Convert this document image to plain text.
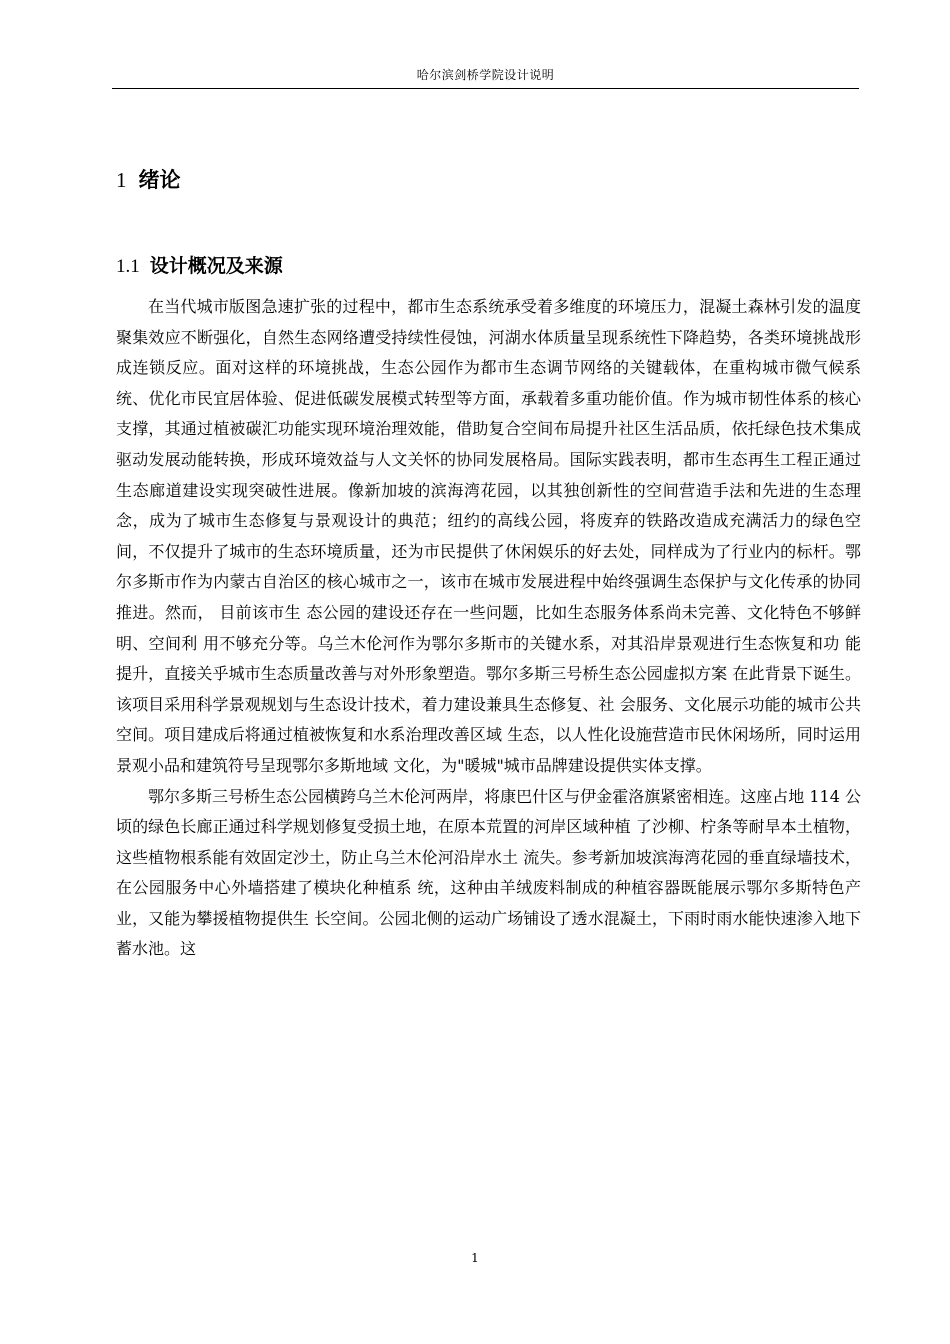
哈尔滨剑桥学院设计说明
1 绪论
1.1 设计概况及来源

在当代城市版图急速扩张的过程中，都市生态系统承受着多维度的环境压力，混凝土森林引发的温度聚集效应不断强化，自然生态网络遭受持续性侵蚀，河湖水体质量呈现系统性下降趋势，各类环境挑战形成连锁反应。面对这样的环境挑战，生态公园作为都市生态调节网络的关键载体，在重构城市微气候系统、优化市民宜居体验、促进低碳发展模式转型等方面，承载着多重功能价值。作为城市韧性体系的核心支撑，其通过植被碳汇功能实现环境治理效能，借助复合空间布局提升社区生活品质，依托绿色技术集成驱动发展动能转换，形成环境效益与人文关怀的协同发展格局。国际实践表明，都市生态再生工程正通过生态廊道建设实现突破性进展。像新加坡的滨海湾花园，以其独创新性的空间营造手法和先进的生态理念，成为了城市生态修复与景观设计的典范；纽约的高线公园，将废弃的铁路改造成充满活力的绿色空间，不仅提升了城市的生态环境质量，还为市民提供了休闲娱乐的好去处，同样成为了行业内的标杆。鄂尔多斯市作为内蒙古自治区的核心城市之一，该市在城市发展进程中始终强调生态保护与文化传承的协同推进。然而， 目前该市生 态公园的建设还存在一些问题，比如生态服务体系尚未完善、文化特色不够鲜明、空间利 用不够充分等。乌兰木伦河作为鄂尔多斯市的关键水系，对其沿岸景观进行生态恢复和功 能提升，直接关乎城市生态质量改善与对外形象塑造。鄂尔多斯三号桥生态公园虚拟方案 在此背景下诞生。该项目采用科学景观规划与生态设计技术，着力建设兼具生态修复、社 会服务、文化展示功能的城市公共空间。项目建成后将通过植被恢复和水系治理改善区域 生态，以人性化设施营造市民休闲场所，同时运用景观小品和建筑符号呈现鄂尔多斯地域 文化，为"暖城"城市品牌建设提供实体支撑。

鄂尔多斯三号桥生态公园横跨乌兰木伦河两岸，将康巴什区与伊金霍洛旗紧密相连。这座占地 114 公顷的绿色长廊正通过科学规划修复受损土地，在原本荒置的河岸区域种植 了沙柳、柠条等耐旱本土植物，这些植物根系能有效固定沙土，防止乌兰木伦河沿岸水土 流失。参考新加坡滨海湾花园的垂直绿墙技术，在公园服务中心外墙搭建了模块化种植系 统，这种由羊绒废料制成的种植容器既能展示鄂尔多斯特色产业，又能为攀援植物提供生 长空间。公园北侧的运动广场铺设了透水混凝土，下雨时雨水能快速渗入地下蓄水池。这

1
